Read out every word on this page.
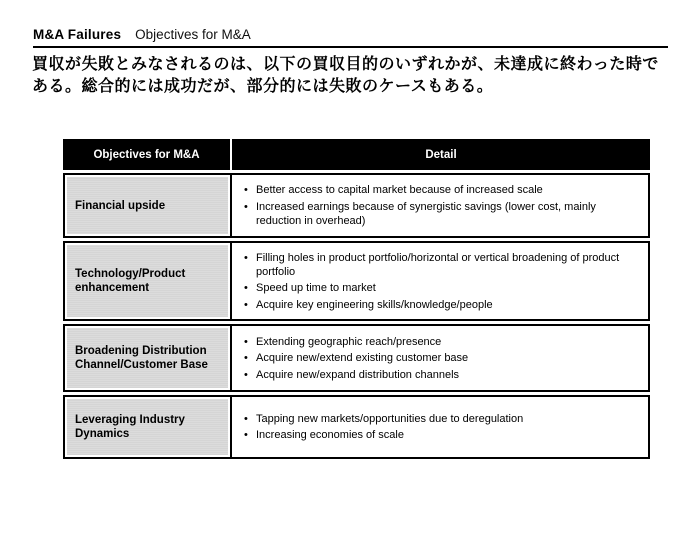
M&A Failures Objectives for M&A
買収が失敗とみなされるのは、以下の買収目的のいずれかが、未達成に終わった時で
ある。総合的には成功だが、部分的には失敗のケースもある。
Objectives for M&A	Detail
Financial upside
• Better access to capital market because of increased scale
• Increased earnings because of synergistic savings (lower cost, mainly reduction in overhead)
Technology/Product enhancement
• Filling holes in product portfolio/horizontal or vertical broadening of product portfolio
• Speed up time to market
• Acquire key engineering skills/knowledge/people
Broadening Distribution Channel/Customer Base
• Extending geographic reach/presence
• Acquire new/extend existing customer base
• Acquire new/expand distribution channels
Leveraging Industry Dynamics
• Tapping new markets/opportunities due to deregulation
• Increasing economies of scale
